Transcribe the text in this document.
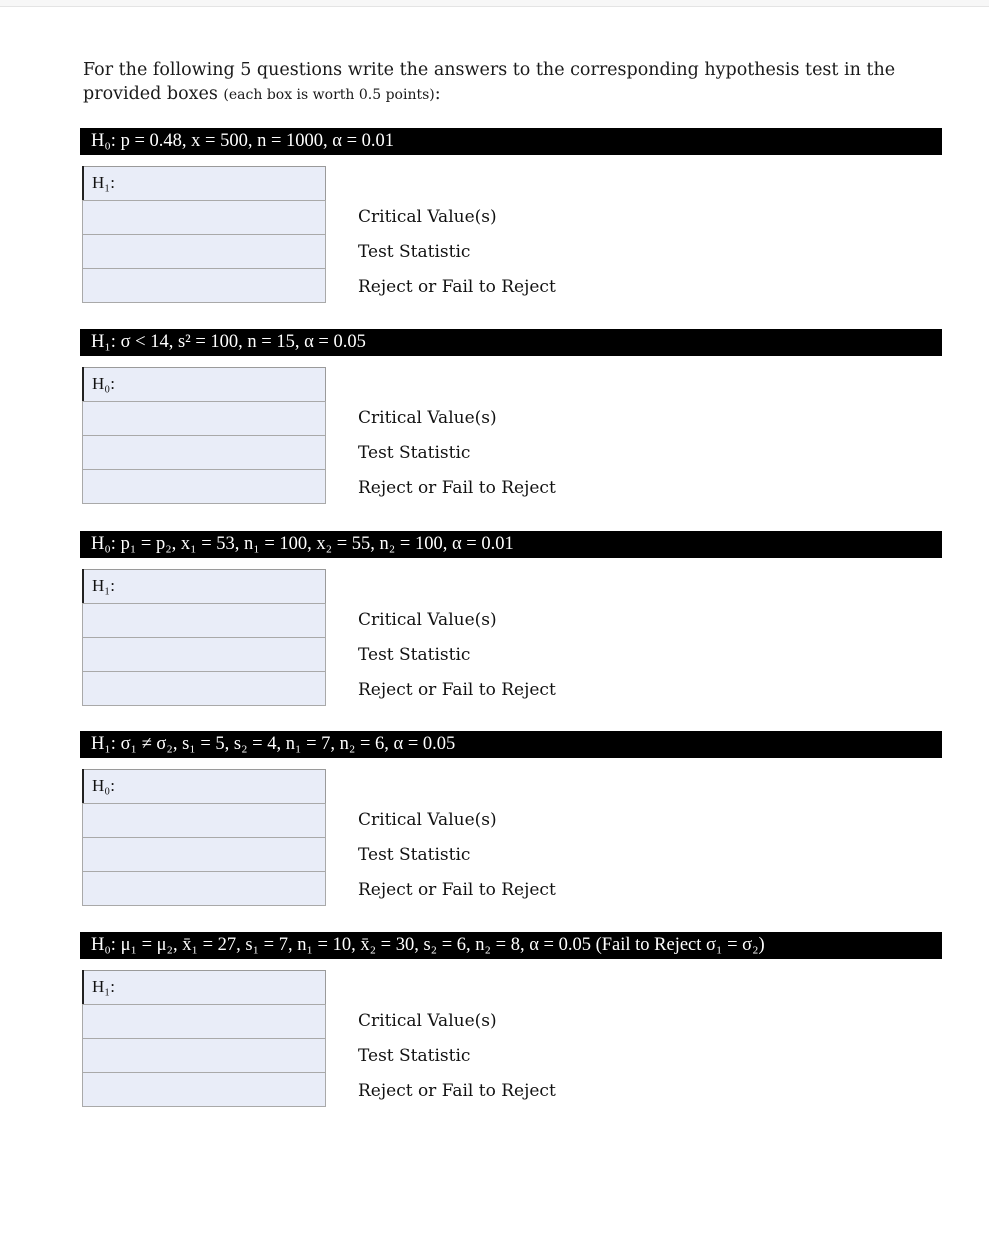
For the following 5 questions write the answers to the corresponding hypothesis test in the
provided boxes (each box is worth 0.5 points):
H₀: p = 0.48, x = 500, n = 1000, α = 0.01
H₁:
Critical Value(s)
Test Statistic
Reject or Fail to Reject
H₁: σ < 14, s² = 100, n = 15, α = 0.05
H₀:
Critical Value(s)
Test Statistic
Reject or Fail to Reject
H₀: p₁ = p₂, x₁ = 53, n₁ = 100, x₂ = 55, n₂ = 100, α = 0.01
H₁:
Critical Value(s)
Test Statistic
Reject or Fail to Reject
H₁: σ₁ ≠ σ₂, s₁ = 5, s₂ = 4, n₁ = 7, n₂ = 6, α = 0.05
H₀:
Critical Value(s)
Test Statistic
Reject or Fail to Reject
H₀: μ₁ = μ₂, x̄₁ = 27, s₁ = 7, n₁ = 10, x̄₂ = 30, s₂ = 6, n₂ = 8, α = 0.05 (Fail to Reject σ₁ = σ₂)
H₁:
Critical Value(s)
Test Statistic
Reject or Fail to Reject
